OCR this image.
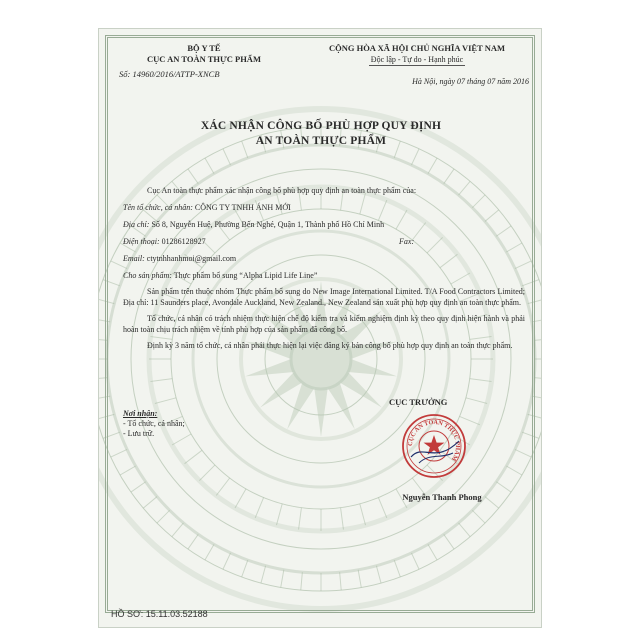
BỘ Y TẾ
CỤC AN TOÀN THỰC PHẨM
Số: 14960/2016/ATTP-XNCB
CỘNG HÒA XÃ HỘI CHỦ NGHĨA VIỆT NAM
Độc lập - Tự do - Hạnh phúc
Hà Nội, ngày 07 tháng 07 năm 2016
XÁC NHẬN CÔNG BỐ PHÙ HỢP QUY ĐỊNH
AN TOÀN THỰC PHẨM
Cục An toàn thực phẩm xác nhận công bố phù hợp quy định an toàn thực phẩm của:
Tên tổ chức, cá nhân: CÔNG TY TNHH ÁNH MỚI
Địa chỉ: Số 8, Nguyễn Huệ, Phường Bến Nghé, Quận 1, Thành phố Hồ Chí Minh
Điện thoại: 01286128927	Fax:
Email: ctytnhhanhmoi@gmail.com
Cho sản phẩm: Thực phẩm bổ sung “Alpha Lipid Life Line”
Sản phẩm trên thuộc nhóm Thực phẩm bổ sung do New Image International Limited. T/A Food Contractors Limited; Địa chỉ: 11 Saunders place, Avondale Auckland, New Zealand., New Zealand sản xuất phù hợp quy định an toàn thực phẩm.
Tổ chức, cá nhân có trách nhiệm thực hiện chế độ kiểm tra và kiểm nghiệm định kỳ theo quy định hiện hành và phải hoàn toàn chịu trách nhiệm về tính phù hợp của sản phẩm đã công bố.
Định kỳ 3 năm tổ chức, cá nhân phải thực hiện lại việc đăng ký bản công bố phù hợp quy định an toàn thực phẩm.
Nơi nhận:
- Tổ chức, cá nhân;
- Lưu trữ.
CỤC TRƯỞNG
CỤC AN TOÀN THỰC PHẨM
Nguyễn Thanh Phong
HỒ SƠ: 15.11.03.52188
